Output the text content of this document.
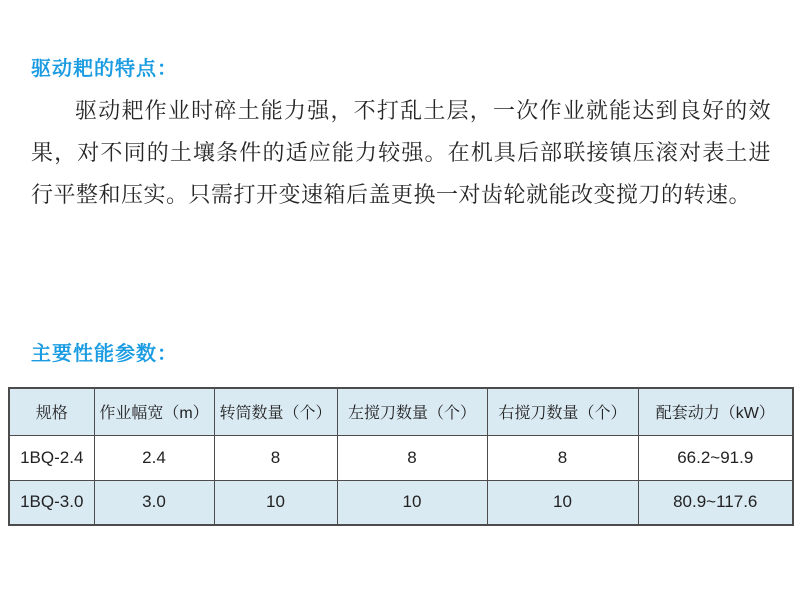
驱动耙的特点：
驱动耙作业时碎土能力强，不打乱土层，一次作业就能达到良好的效果，对不同的土壤条件的适应能力较强。在机具后部联接镇压滚对表土进行平整和压实。只需打开变速箱后盖更换一对齿轮就能改变搅刀的转速。
主要性能参数：
规格	作业幅宽（m）	转筒数量（个）	左搅刀数量（个）	右搅刀数量（个）	配套动力（kW）
1BQ-2.4	2.4	8	8	8	66.2~91.9
1BQ-3.0	3.0	10	10	10	80.9~117.6
